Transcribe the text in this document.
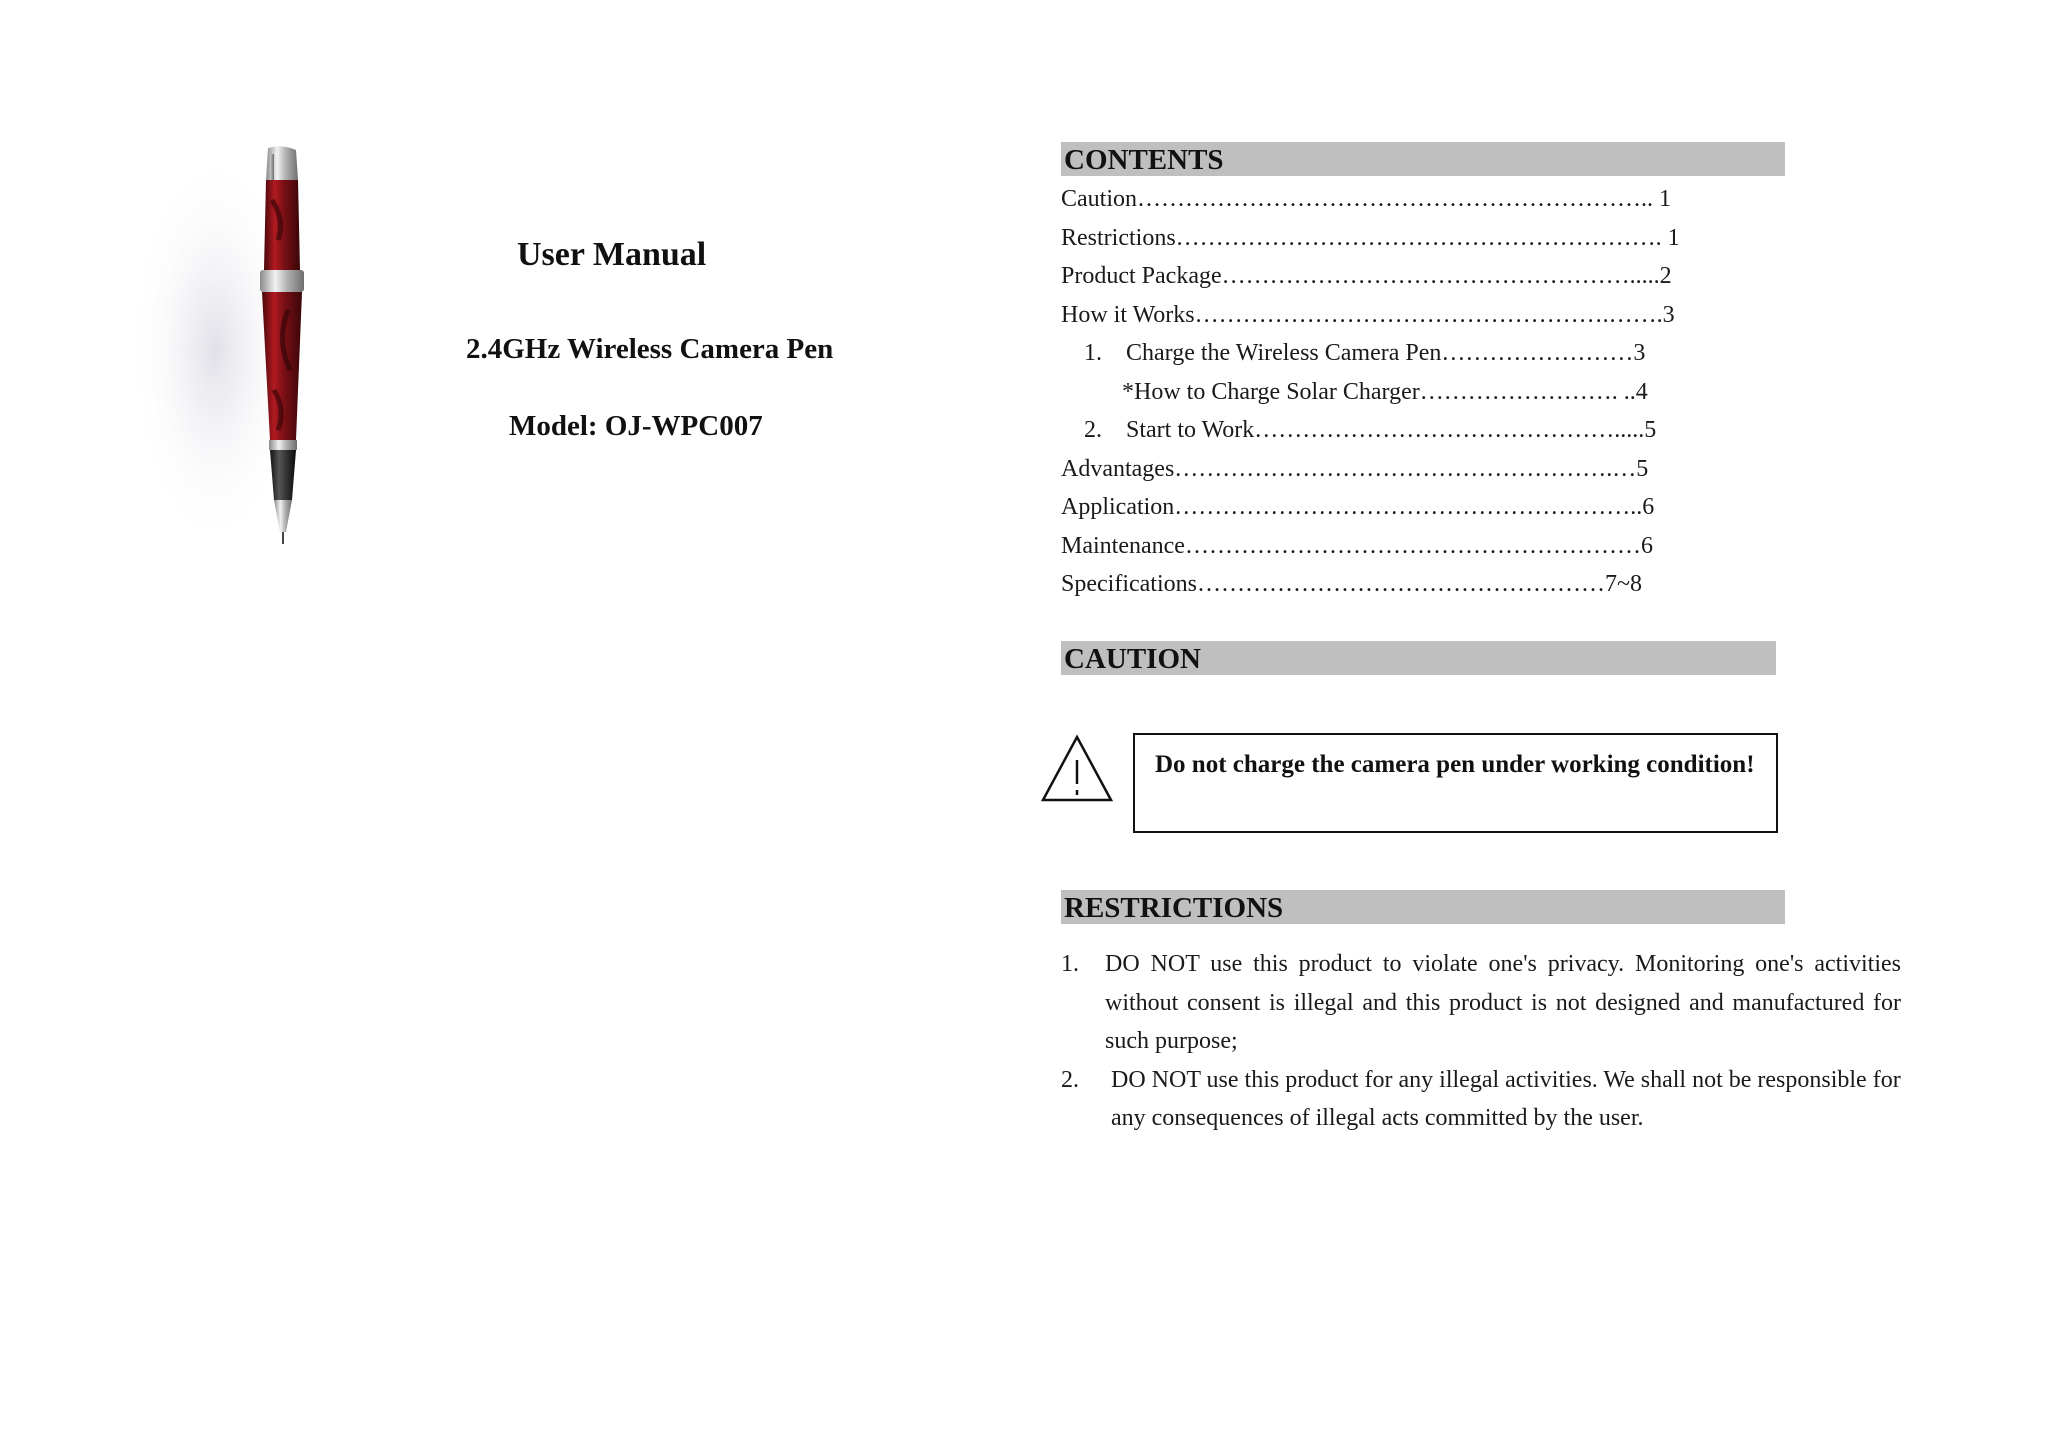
User Manual
2.4GHz Wireless Camera Pen
Model: OJ-WPC007
CONTENTS
Caution……………………………………………………….. 1
Restrictions……………………………………………………. 1
Product Package…………………………………………….....2
How it Works…………………………………………….…….3
1. Charge the Wireless Camera Pen……………………3
*How to Charge Solar Charger……………………. ..4
2. Start to Work……………………………………….....5
Advantages……………………………………………….…5
Application…………………………………………………..6
Maintenance…………………………………………………6
Specifications……………………………………………7~8
CAUTION
Do not charge the camera pen under working condition!
RESTRICTIONS
1. DO NOT use this product to violate one's privacy. Monitoring one's activities without consent is illegal and this product is not designed and manufactured for such purpose;
2. DO NOT use this product for any illegal activities. We shall not be responsible for any consequences of illegal acts committed by the user.
